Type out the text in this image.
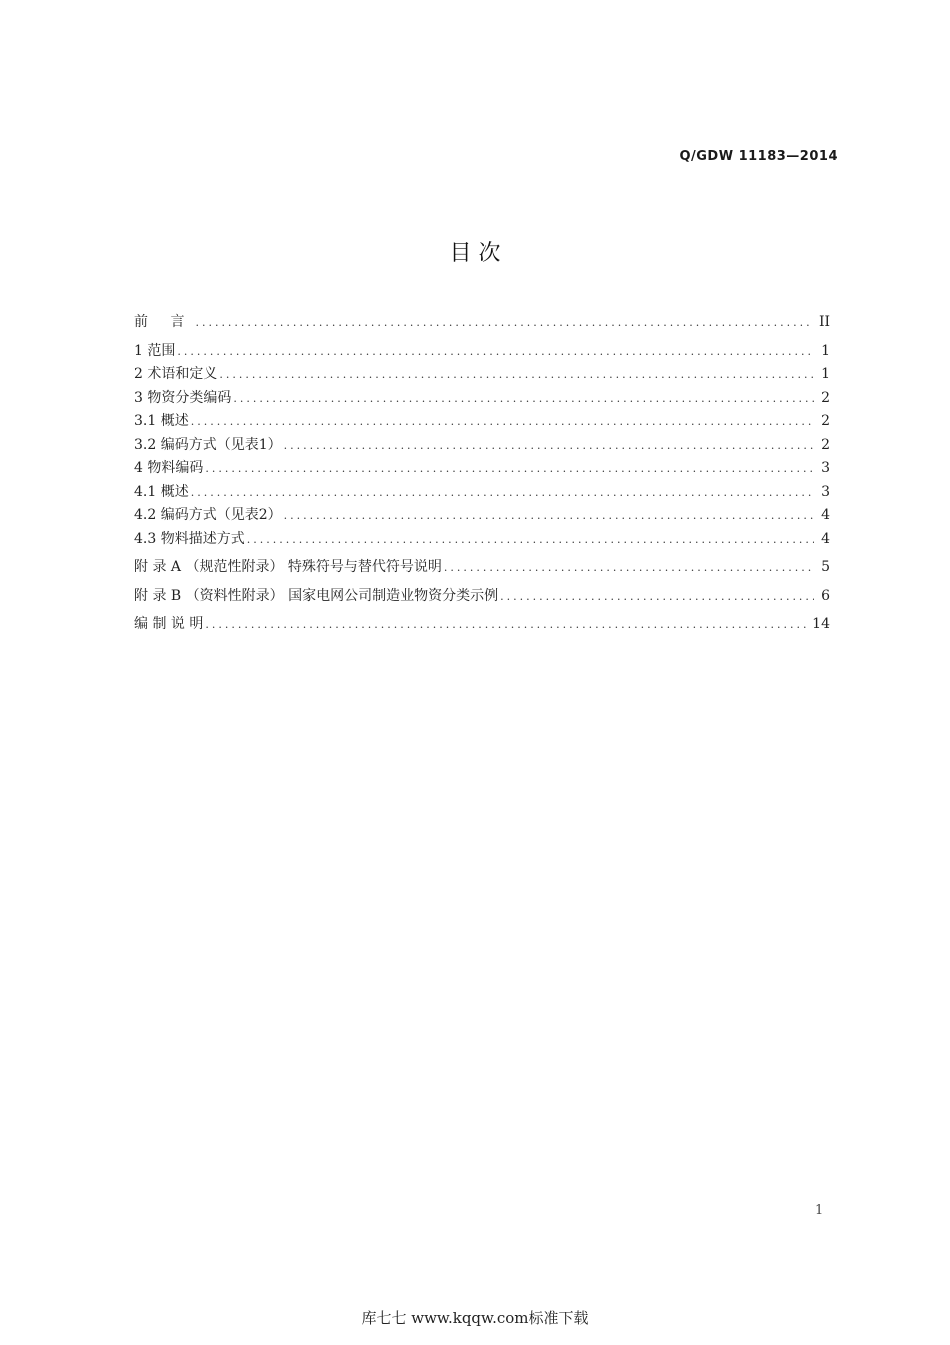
Q/GDW 11183—2014
目 次
前 言 .....	II
1 范围 .....	1
2 术语和定义 .....	1
3 物资分类编码 .....	2
3.1 概述 .....	2
3.2 编码方式（见表1） .....	2
4 物料编码 .....	3
4.1 概述 .....	3
4.2 编码方式（见表2） .....	4
4.3 物料描述方式 .....	4
附 录 A （规范性附录） 特殊符号与替代符号说明 .....	5
附 录 B （资料性附录） 国家电网公司制造业物资分类示例 .....	6
编 制 说 明 .....	14
1
库七七 www.kqqw.com标准下载
